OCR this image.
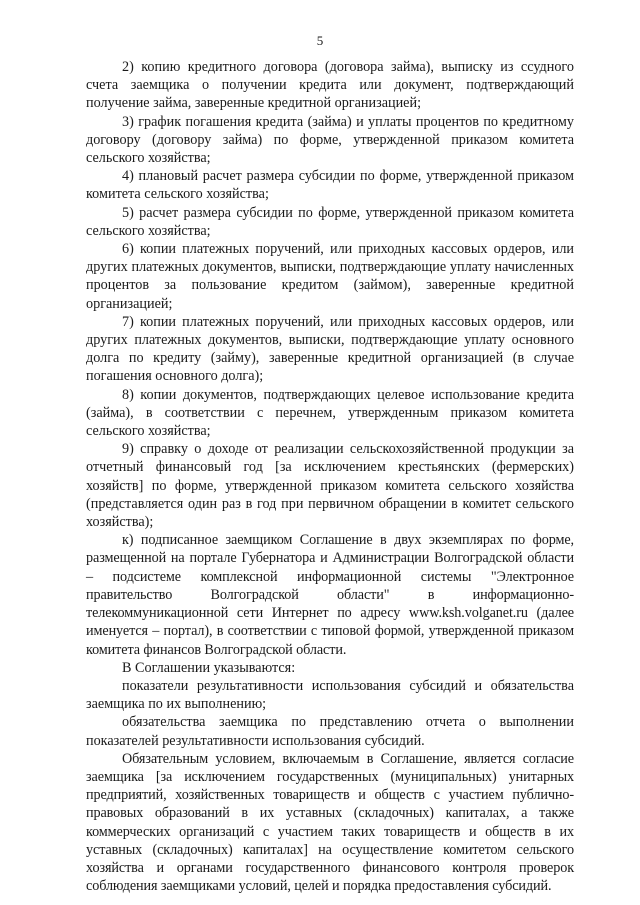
5

2) копию кредитного договора (договора займа), выписку из ссудного счета заемщика о получении кредита или документ, подтверждающий получение займа, заверенные кредитной организацией;

3) график погашения кредита (займа) и уплаты процентов по кредитному договору (договору займа) по форме, утвержденной приказом комитета сельского хозяйства;

4) плановый расчет размера субсидии по форме, утвержденной приказом комитета сельского хозяйства;

5) расчет размера субсидии по форме, утвержденной приказом комитета сельского хозяйства;

6) копии платежных поручений, или приходных кассовых ордеров, или других платежных документов, выписки, подтверждающие уплату начисленных процентов за пользование кредитом (займом), заверенные кредитной организацией;

7) копии платежных поручений, или приходных кассовых ордеров, или других платежных документов, выписки, подтверждающие уплату основного долга по кредиту (займу), заверенные кредитной организацией (в случае погашения основного долга);

8) копии документов, подтверждающих целевое использование кредита (займа), в соответствии с перечнем, утвержденным приказом комитета сельского хозяйства;

9) справку о доходе от реализации сельскохозяйственной продукции за отчетный финансовый год [за исключением крестьянских (фермерских) хозяйств] по форме, утвержденной приказом комитета сельского хозяйства (представляется один раз в год при первичном обращении в комитет сельского хозяйства);

к) подписанное заемщиком Соглашение в двух экземплярах по форме, размещенной на портале Губернатора и Администрации Волгоградской области – подсистеме комплексной информационной системы "Электронное правительство Волгоградской области" в информационно-телекоммуникационной сети Интернет по адресу www.ksh.volganet.ru (далее именуется – портал), в соответствии с типовой формой, утвержденной приказом комитета финансов Волгоградской области.

В Соглашении указываются:

показатели результативности использования субсидий и обязательства заемщика по их выполнению;

обязательства заемщика по представлению отчета о выполнении показателей результативности использования субсидий.

Обязательным условием, включаемым в Соглашение, является согласие заемщика [за исключением государственных (муниципальных) унитарных предприятий, хозяйственных товариществ и обществ с участием публично-правовых образований в их уставных (складочных) капиталах, а также коммерческих организаций с участием таких товариществ и обществ в их уставных (складочных) капиталах] на осуществление комитетом сельского хозяйства и органами государственного финансового контроля проверок соблюдения заемщиками условий, целей и порядка предоставления субсидий.
